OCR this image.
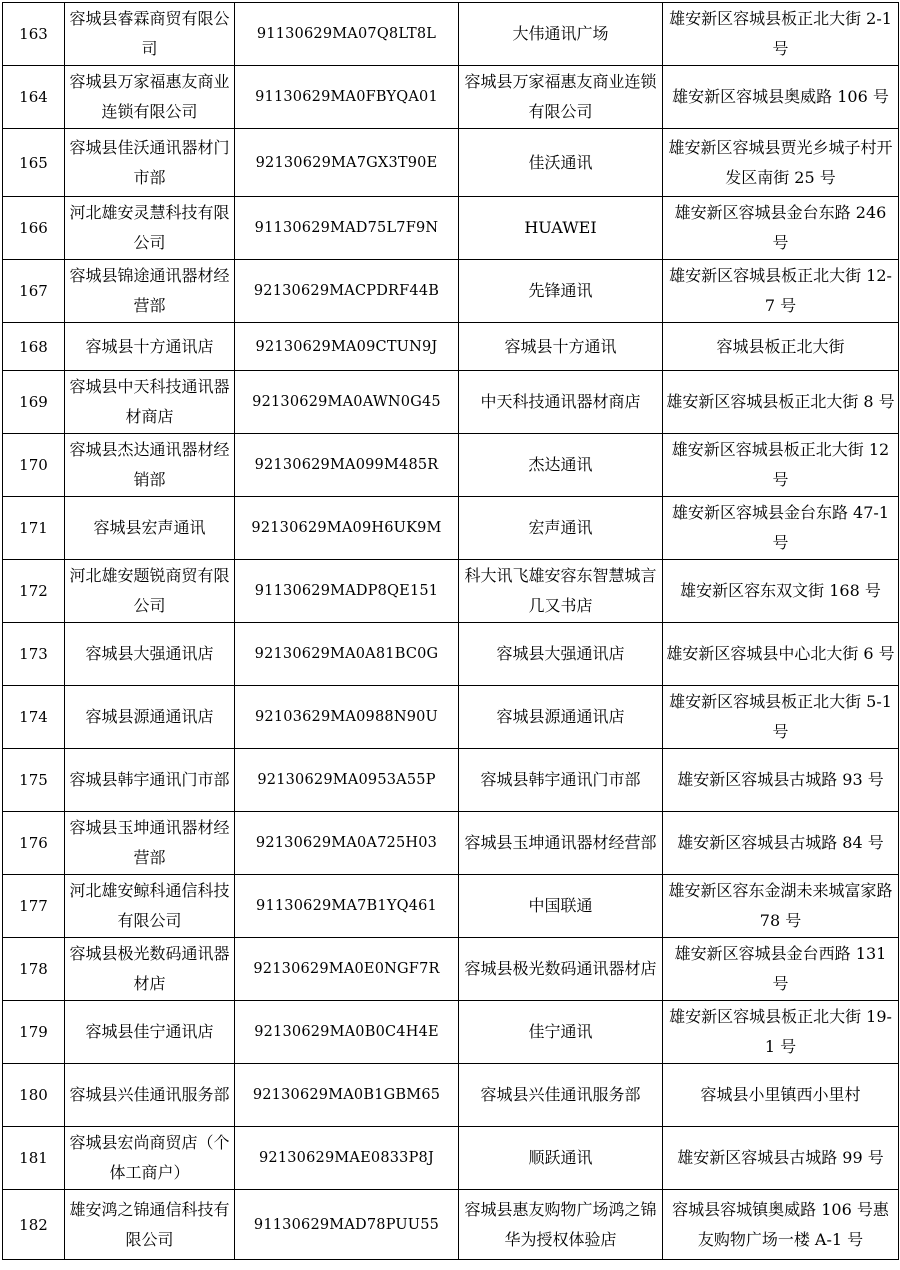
163	容城县睿霖商贸有限公司	91130629MA07Q8LT8L	大伟通讯广场	雄安新区容城县板正北大街 2-1 号
164	容城县万家福惠友商业连锁有限公司	91130629MA0FBYQA01	容城县万家福惠友商业连锁有限公司	雄安新区容城县奥威路 106 号
165	容城县佳沃通讯器材门市部	92130629MA7GX3T90E	佳沃通讯	雄安新区容城县贾光乡城子村开发区南街 25 号
166	河北雄安灵慧科技有限公司	91130629MAD75L7F9N	HUAWEI	雄安新区容城县金台东路 246 号
167	容城县锦途通讯器材经营部	92130629MACPDRF44B	先锋通讯	雄安新区容城县板正北大街 12-7 号
168	容城县十方通讯店	92130629MA09CTUN9J	容城县十方通讯	容城县板正北大街
169	容城县中天科技通讯器材商店	92130629MA0AWN0G45	中天科技通讯器材商店	雄安新区容城县板正北大街 8 号
170	容城县杰达通讯器材经销部	92130629MA099M485R	杰达通讯	雄安新区容城县板正北大街 12 号
171	容城县宏声通讯	92130629MA09H6UK9M	宏声通讯	雄安新区容城县金台东路 47-1 号
172	河北雄安题锐商贸有限公司	91130629MADP8QE151	科大讯飞雄安容东智慧城言几又书店	雄安新区容东双文街 168 号
173	容城县大强通讯店	92130629MA0A81BC0G	容城县大强通讯店	雄安新区容城县中心北大街 6 号
174	容城县源通通讯店	92103629MA0988N90U	容城县源通通讯店	雄安新区容城县板正北大街 5-1 号
175	容城县韩宇通讯门市部	92130629MA0953A55P	容城县韩宇通讯门市部	雄安新区容城县古城路 93 号
176	容城县玉坤通讯器材经营部	92130629MA0A725H03	容城县玉坤通讯器材经营部	雄安新区容城县古城路 84 号
177	河北雄安鲸科通信科技有限公司	91130629MA7B1YQ461	中国联通	雄安新区容东金湖未来城富家路 78 号
178	容城县极光数码通讯器材店	92130629MA0E0NGF7R	容城县极光数码通讯器材店	雄安新区容城县金台西路 131 号
179	容城县佳宁通讯店	92130629MA0B0C4H4E	佳宁通讯	雄安新区容城县板正北大街 19-1 号
180	容城县兴佳通讯服务部	92130629MA0B1GBM65	容城县兴佳通讯服务部	容城县小里镇西小里村
181	容城县宏尚商贸店（个体工商户）	92130629MAE0833P8J	顺跃通讯	雄安新区容城县古城路 99 号
182	雄安鸿之锦通信科技有限公司	91130629MAD78PUU55	容城县惠友购物广场鸿之锦华为授权体验店	容城县容城镇奥威路 106 号惠友购物广场一楼 A-1 号
